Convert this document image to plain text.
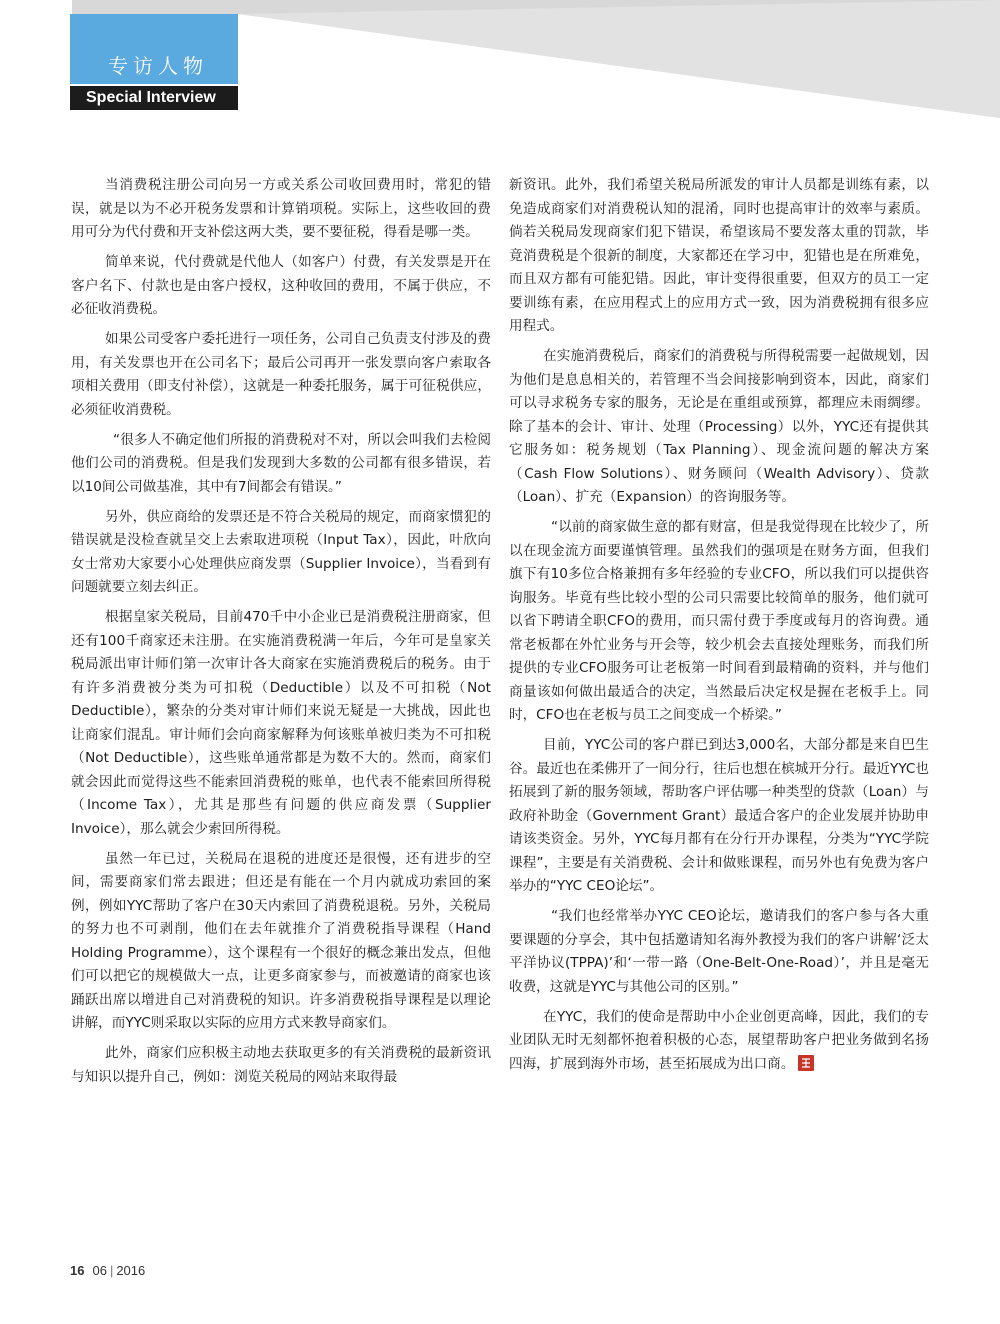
专访人物
Special Interview

当消费税注册公司向另一方或关系公司收回费用时，常犯的错误，就是以为不必开税务发票和计算销项税。实际上，这些收回的费用可分为代付费和开支补偿这两大类，要不要征税，得看是哪一类。

简单来说，代付费就是代他人（如客户）付费，有关发票是开在客户名下、付款也是由客户授权，这种收回的费用，不属于供应，不必征收消费税。

如果公司受客户委托进行一项任务，公司自己负责支付涉及的费用，有关发票也开在公司名下；最后公司再开一张发票向客户索取各项相关费用（即支付补偿），这就是一种委托服务，属于可征税供应，必须征收消费税。

“很多人不确定他们所报的消费税对不对，所以会叫我们去检阅他们公司的消费税。但是我们发现到大多数的公司都有很多错误，若以10间公司做基准，其中有7间都会有错误。”

另外，供应商给的发票还是不符合关税局的规定，而商家惯犯的错误就是没检查就呈交上去索取进项税（Input Tax），因此，叶欣向女士常劝大家要小心处理供应商发票（Supplier Invoice），当看到有问题就要立刻去纠正。

根据皇家关税局，目前470千中小企业已是消费税注册商家，但还有100千商家还未注册。在实施消费税满一年后，今年可是皇家关税局派出审计师们第一次审计各大商家在实施消费税后的税务。由于有许多消费被分类为可扣税（Deductible）以及不可扣税（Not Deductible），繁杂的分类对审计师们来说无疑是一大挑战，因此也让商家们混乱。审计师们会向商家解释为何该账单被归类为不可扣税（Not Deductible），这些账单通常都是为数不大的。然而，商家们就会因此而觉得这些不能索回消费税的账单，也代表不能索回所得税（Income Tax），尤其是那些有问题的供应商发票（Supplier Invoice），那么就会少索回所得税。

虽然一年已过，关税局在退税的进度还是很慢，还有进步的空间，需要商家们常去跟进；但还是有能在一个月内就成功索回的案例，例如YYC帮助了客户在30天内索回了消费税退税。另外，关税局的努力也不可剥削，他们在去年就推介了消费税指导课程（Hand Holding Programme），这个课程有一个很好的概念兼出发点，但他们可以把它的规模做大一点，让更多商家参与，而被邀请的商家也该踊跃出席以增进自己对消费税的知识。许多消费税指导课程是以理论讲解，而YYC则采取以实际的应用方式来教导商家们。

此外，商家们应积极主动地去获取更多的有关消费税的最新资讯与知识以提升自己，例如：浏览关税局的网站来取得最

新资讯。此外，我们希望关税局所派发的审计人员都是训练有素，以免造成商家们对消费税认知的混淆，同时也提高审计的效率与素质。倘若关税局发现商家们犯下错误，希望该局不要发落太重的罚款，毕竟消费税是个很新的制度，大家都还在学习中，犯错也是在所难免，而且双方都有可能犯错。因此，审计变得很重要，但双方的员工一定要训练有素，在应用程式上的应用方式一致，因为消费税拥有很多应用程式。

在实施消费税后，商家们的消费税与所得税需要一起做规划，因为他们是息息相关的，若管理不当会间接影响到资本，因此，商家们可以寻求税务专家的服务，无论是在重组或预算，都理应未雨绸缪。除了基本的会计、审计、处理（Processing）以外，YYC还有提供其它服务如：税务规划（Tax Planning）、现金流问题的解决方案（Cash Flow Solutions）、财务顾问（Wealth Advisory）、贷款（Loan）、扩充（Expansion）的咨询服务等。

“以前的商家做生意的都有财富，但是我觉得现在比较少了，所以在现金流方面要谨慎管理。虽然我们的强项是在财务方面，但我们旗下有10多位合格兼拥有多年经验的专业CFO，所以我们可以提供咨询服务。毕竟有些比较小型的公司只需要比较简单的服务，他们就可以省下聘请全职CFO的费用，而只需付费于季度或每月的咨询费。通常老板都在外忙业务与开会等，较少机会去直接处理账务，而我们所提供的专业CFO服务可让老板第一时间看到最精确的资料，并与他们商量该如何做出最适合的决定，当然最后决定权是握在老板手上。同时，CFO也在老板与员工之间变成一个桥梁。”

目前，YYC公司的客户群已到达3,000名，大部分都是来自巴生谷。最近也在柔佛开了一间分行，往后也想在槟城开分行。最近YYC也拓展到了新的服务领域，帮助客户评估哪一种类型的贷款（Loan）与政府补助金（Government Grant）最适合客户的企业发展并协助申请该类资金。另外，YYC每月都有在分行开办课程，分类为“YYC学院课程”，主要是有关消费税、会计和做账课程，而另外也有免费为客户举办的“YYC CEO论坛”。

“我们也经常举办YYC CEO论坛，邀请我们的客户参与各大重要课题的分享会，其中包括邀请知名海外教授为我们的客户讲解‘泛太平洋协议(TPPA)’和‘一带一路（One-Belt-One-Road）’，并且是毫无收费，这就是YYC与其他公司的区别。”

在YYC，我们的使命是帮助中小企业创更高峰，因此，我们的专业团队无时无刻都怀抱着积极的心态，展望帮助客户把业务做到名扬四海，扩展到海外市场，甚至拓展成为出口商。

16 06 | 2016
